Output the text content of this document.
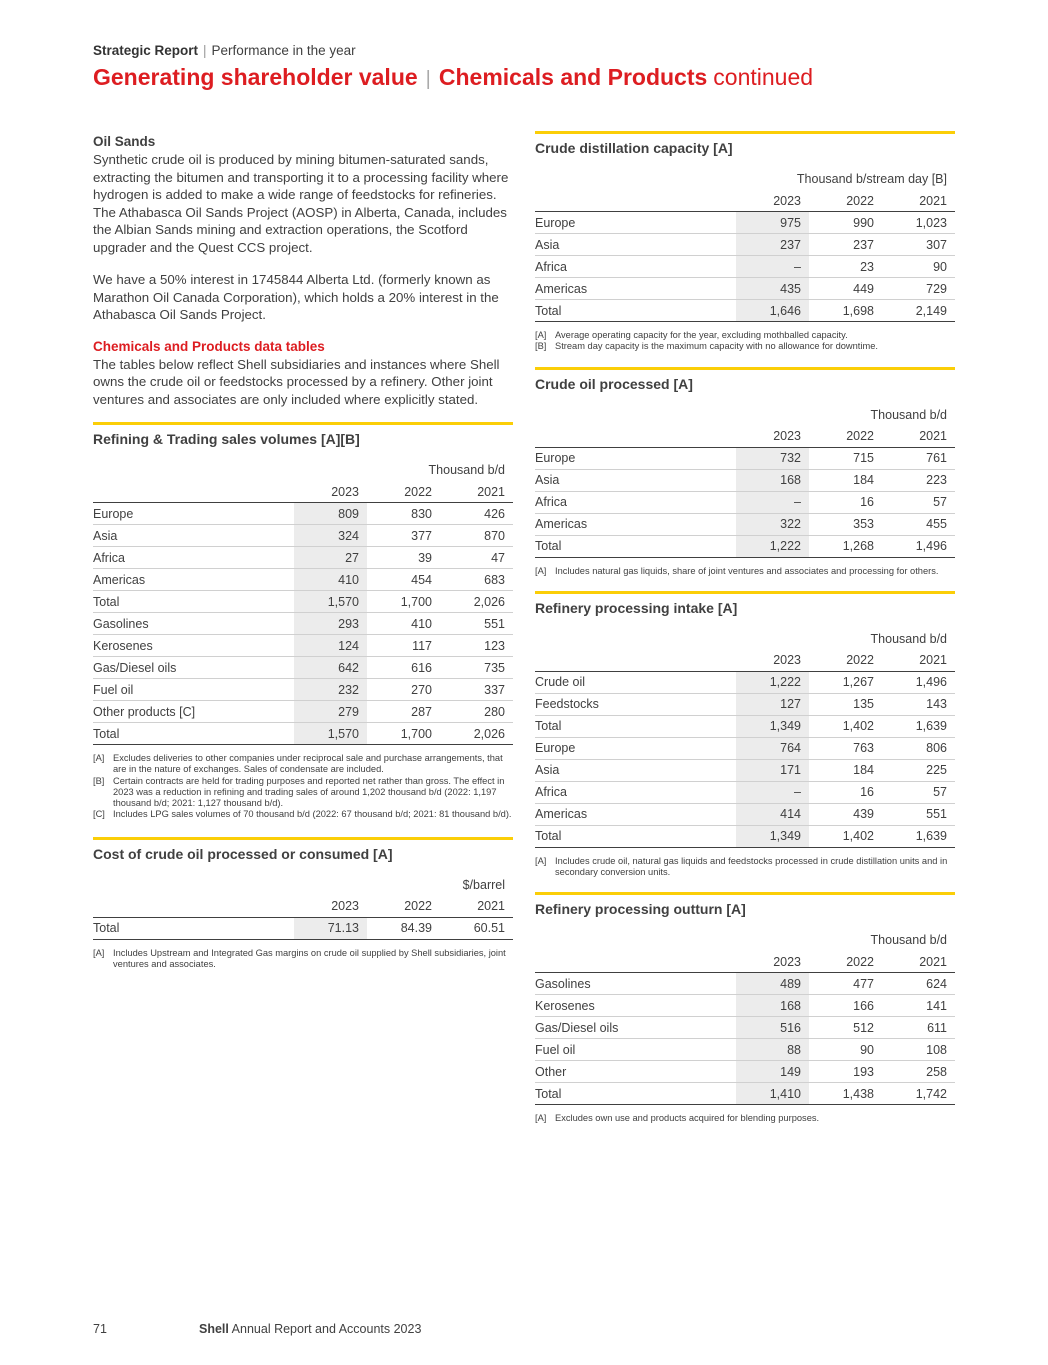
Strategic Report | Performance in the year
Generating shareholder value | Chemicals and Products continued
Oil Sands

Synthetic crude oil is produced by mining bitumen-saturated sands, extracting the bitumen and transporting it to a processing facility where hydrogen is added to make a wide range of feedstocks for refineries. The Athabasca Oil Sands Project (AOSP) in Alberta, Canada, includes the Albian Sands mining and extraction operations, the Scotford upgrader and the Quest CCS project.

We have a 50% interest in 1745844 Alberta Ltd. (formerly known as Marathon Oil Canada Corporation), which holds a 20% interest in the Athabasca Oil Sands Project.

Chemicals and Products data tables

The tables below reflect Shell subsidiaries and instances where Shell owns the crude oil or feedstocks processed by a refinery. Other joint ventures and associates are only included where explicitly stated.

Refining & Trading sales volumes [A][B]
	Thousand b/d		
	2023	2022	2021
Europe	809	830	426
Asia	324	377	870
Africa	27	39	47
Americas	410	454	683
Total	1,570	1,700	2,026
Gasolines	293	410	551
Kerosenes	124	117	123
Gas/Diesel oils	642	616	735
Fuel oil	232	270	337
Other products [C]	279	287	280
Total	1,570	1,700	2,026
[A] Excludes deliveries to other companies under reciprocal sale and purchase arrangements, that are in the nature of exchanges. Sales of condensate are included.
[B] Certain contracts are held for trading purposes and reported net rather than gross. The effect in 2023 was a reduction in refining and trading sales of around 1,202 thousand b/d (2022: 1,197 thousand b/d; 2021: 1,127 thousand b/d).
[C] Includes LPG sales volumes of 70 thousand b/d (2022: 67 thousand b/d; 2021: 81 thousand b/d).
Cost of crude oil processed or consumed [A]
	$/barrel		
	2023	2022	2021
Total	71.13	84.39	60.51
[A] Includes Upstream and Integrated Gas margins on crude oil supplied by Shell subsidiaries, joint ventures and associates.
Crude distillation capacity [A]
	Thousand b/stream day [B]		
	2023	2022	2021
Europe	975	990	1,023
Asia	237	237	307
Africa	–	23	90
Americas	435	449	729
Total	1,646	1,698	2,149
[A] Average operating capacity for the year, excluding mothballed capacity.
[B] Stream day capacity is the maximum capacity with no allowance for downtime.
Crude oil processed [A]
	Thousand b/d		
	2023	2022	2021
Europe	732	715	761
Asia	168	184	223
Africa	–	16	57
Americas	322	353	455
Total	1,222	1,268	1,496
[A] Includes natural gas liquids, share of joint ventures and associates and processing for others.
Refinery processing intake [A]
	Thousand b/d		
	2023	2022	2021
Crude oil	1,222	1,267	1,496
Feedstocks	127	135	143
Total	1,349	1,402	1,639
Europe	764	763	806
Asia	171	184	225
Africa	–	16	57
Americas	414	439	551
Total	1,349	1,402	1,639
[A] Includes crude oil, natural gas liquids and feedstocks processed in crude distillation units and in secondary conversion units.
Refinery processing outturn [A]
	Thousand b/d		
	2023	2022	2021
Gasolines	489	477	624
Kerosenes	168	166	141
Gas/Diesel oils	516	512	611
Fuel oil	88	90	108
Other	149	193	258
Total	1,410	1,438	1,742
[A] Excludes own use and products acquired for blending purposes.
71	Shell Annual Report and Accounts 2023
